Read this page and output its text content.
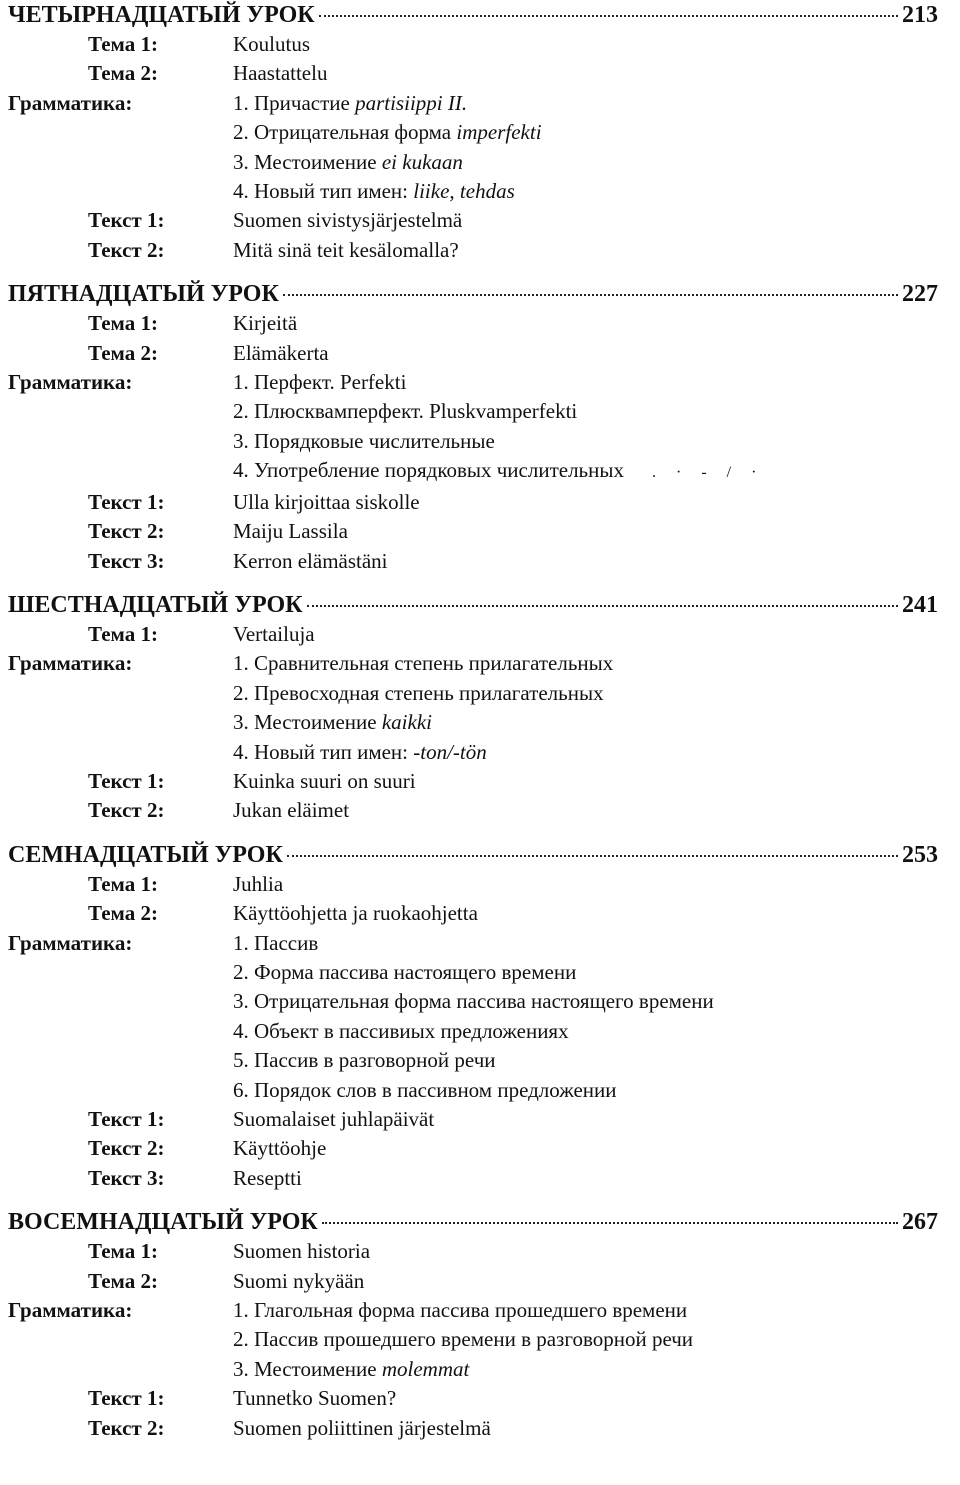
ЧЕТЫРНАДЦАТЫЙ УРОК	213
Тема 1:	Koulutus
Тема 2:	Haastattelu
Грамматика:	1. Причастие partisiippi II.
2. Отрицательная форма imperfekti
3. Местоимение ei kukaan
4. Новый тип имен: liike, tehdas
Текст 1:	Suomen sivistysjärjestelmä
Текст 2:	Mitä sinä teit kesälomalla?
ПЯТНАДЦАТЫЙ УРОК	227
Тема 1:	Kirjeitä
Тема 2:	Elämäkerta
Грамматика:	1. Перфект. Perfekti
2. Плюсквамперфект. Pluskvamperfekti
3. Порядковые числительные
4. Употребление порядковых числительных .·-/·
Текст 1:	Ulla kirjoittaa siskolle
Текст 2:	Maiju Lassila
Текст 3:	Kerron elämästäni
ШЕСТНАДЦАТЫЙ УРОК	241
Тема 1:	Vertailuja
Грамматика:	1. Сравнительная степень прилагательных
2. Превосходная степень прилагательных
3. Местоимение kaikki
4. Новый тип имен: -ton/-tön
Текст 1:	Kuinka suuri on suuri
Текст 2:	Jukan eläimet
СЕМНАДЦАТЫЙ УРОК	253
Тема 1:	Juhlia
Тема 2:	Käyttöohjetta ja ruokaohjetta
Грамматика:	1. Пассив
2. Форма пассива настоящего времени
3. Отрицательная форма пассива настоящего времени
4. Объект в пассивиых предложениях
5. Пассив в разговорной речи
6. Порядок слов в пассивном предложении
Текст 1:	Suomalaiset juhlapäivät
Текст 2:	Käyttöohje
Текст 3:	Reseptti
ВОСЕМНАДЦАТЫЙ УРОК	267
Тема 1:	Suomen historia
Тема 2:	Suomi nykyään
Грамматика:	1. Глагольная форма пассива прошедшего времени
2. Пассив прошедшего времени в разговорной речи
3. Местоимение molemmat
Текст 1:	Tunnetko Suomen?
Текст 2:	Suomen poliittinen järjestelmä
